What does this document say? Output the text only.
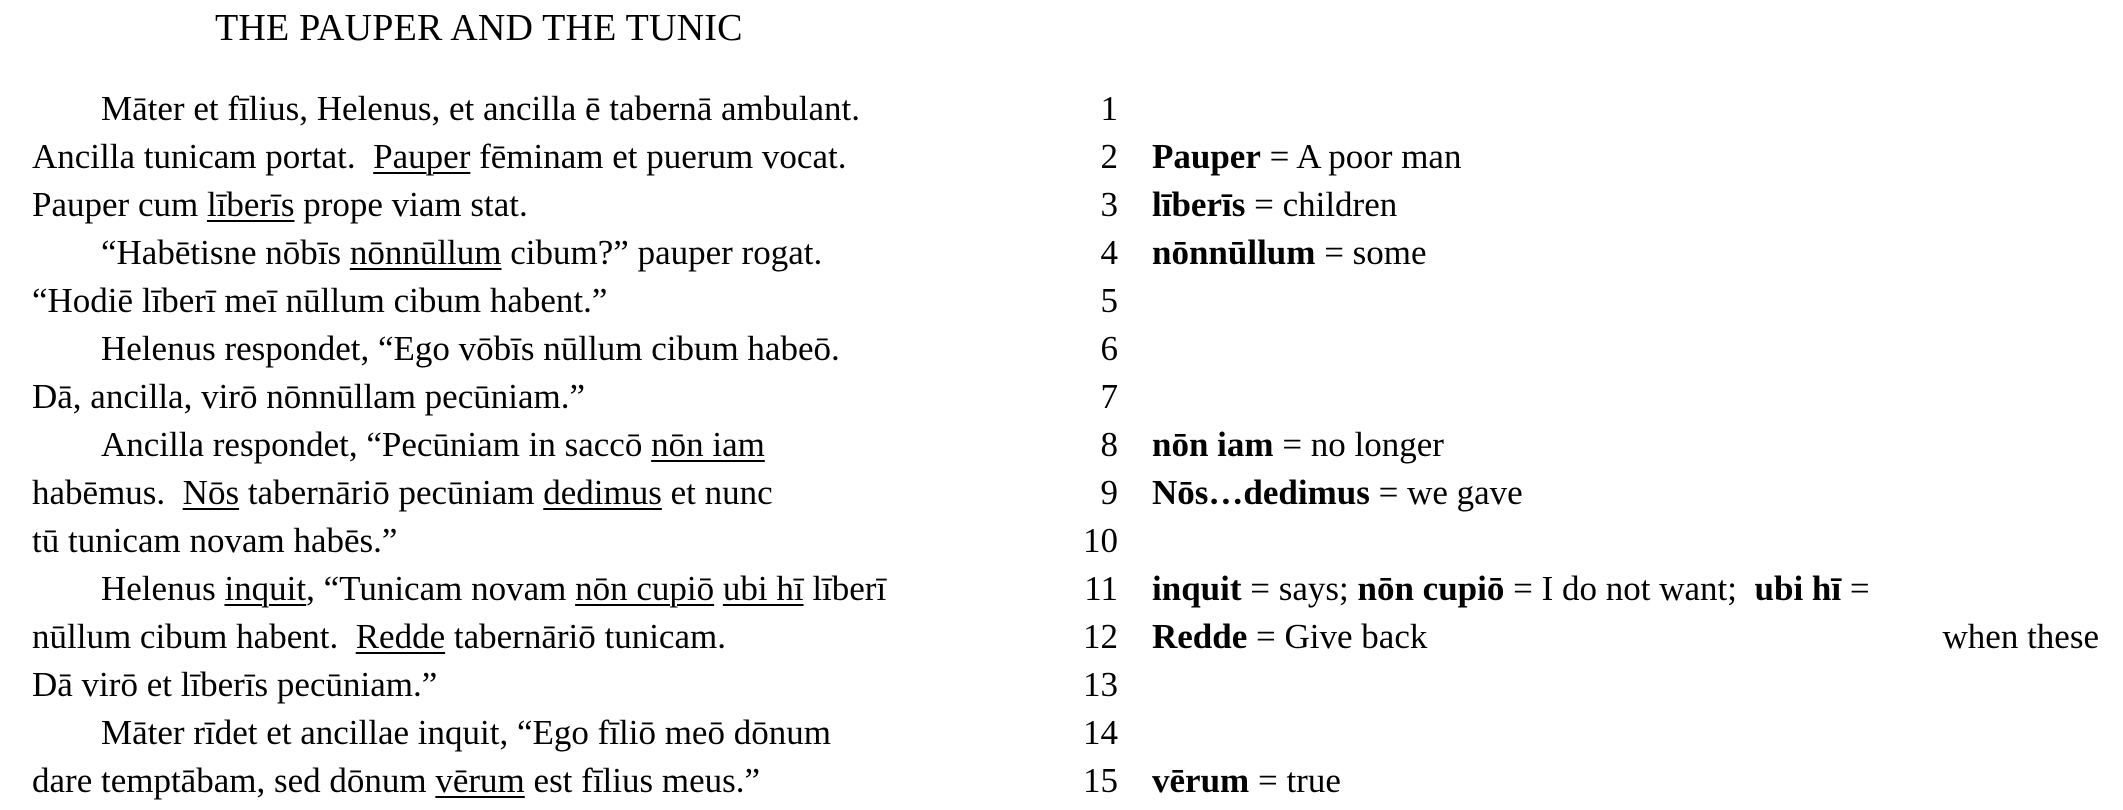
THE PAUPER AND THE TUNIC
Māter et fīlius, Helenus, et ancilla ē tabernā ambulant.	1
Ancilla tunicam portat.  Pauper fēminam et puerum vocat.	2 Pauper = A poor man
Pauper cum līberīs prope viam stat.	3 līberīs = children
“Habētisne nōbīs nōnnūllum cibum?” pauper rogat.	4 nōnnūllum = some
“Hodiē līberī meī nūllum cibum habent.”	5
Helenus respondet, “Ego vōbīs nūllum cibum habeō.	6
Dā, ancilla, virō nōnnūllam pecūniam.”	7
Ancilla respondet, “Pecūniam in saccō nōn iam	8 nōn iam = no longer
habēmus.  Nōs tabernāriō pecūniam dedimus et nunc	9 Nōs…dedimus = we gave
tū tunicam novam habēs.”	10
Helenus inquit, “Tunicam novam nōn cupiō ubi hī līberī	11 inquit = says; nōn cupiō = I do not want;  ubi hī =
nūllum cibum habent.  Redde tabernāriō tunicam.	12 Redde = Give back	when these
Dā virō et līberīs pecūniam.”	13
Māter rīdet et ancillae inquit, “Ego fīliō meō dōnum	14
dare temptābam, sed dōnum vērum est fīlius meus.”	15 vērum = true
